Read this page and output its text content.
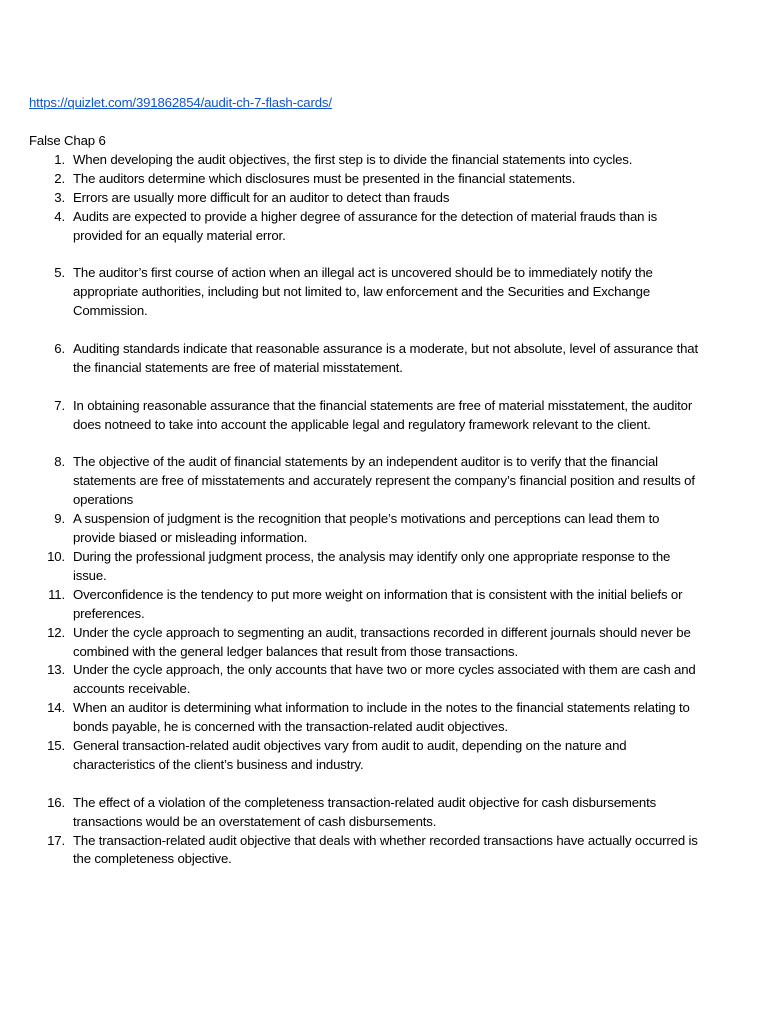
https://quizlet.com/391862854/audit-ch-7-flash-cards/
False Chap 6
1. When developing the audit objectives, the first step is to divide the financial statements into cycles.
2. The auditors determine which disclosures must be presented in the financial statements.
3. Errors are usually more difficult for an auditor to detect than frauds
4. Audits are expected to provide a higher degree of assurance for the detection of material frauds than is provided for an equally material error.
5. The auditor’s first course of action when an illegal act is uncovered should be to immediately notify the appropriate authorities, including but not limited to, law enforcement and the Securities and Exchange Commission.
6. Auditing standards indicate that reasonable assurance is a moderate, but not absolute, level of assurance that the financial statements are free of material misstatement.
7. In obtaining reasonable assurance that the financial statements are free of material misstatement, the auditor does notneed to take into account the applicable legal and regulatory framework relevant to the client.
8. The objective of the audit of financial statements by an independent auditor is to verify that the financial statements are free of misstatements and accurately represent the company’s financial position and results of operations
9. A suspension of judgment is the recognition that people’s motivations and perceptions can lead them to provide biased or misleading information.
10. During the professional judgment process, the analysis may identify only one appropriate response to the issue.
11. Overconfidence is the tendency to put more weight on information that is consistent with the initial beliefs or preferences.
12. Under the cycle approach to segmenting an audit, transactions recorded in different journals should never be combined with the general ledger balances that result from those transactions.
13. Under the cycle approach, the only accounts that have two or more cycles associated with them are cash and accounts receivable.
14. When an auditor is determining what information to include in the notes to the financial statements relating to bonds payable, he is concerned with the transaction-related audit objectives.
15. General transaction-related audit objectives vary from audit to audit, depending on the nature and characteristics of the client’s business and industry.
16. The effect of a violation of the completeness transaction-related audit objective for cash disbursements transactions would be an overstatement of cash disbursements.
17. The transaction-related audit objective that deals with whether recorded transactions have actually occurred is the completeness objective.
